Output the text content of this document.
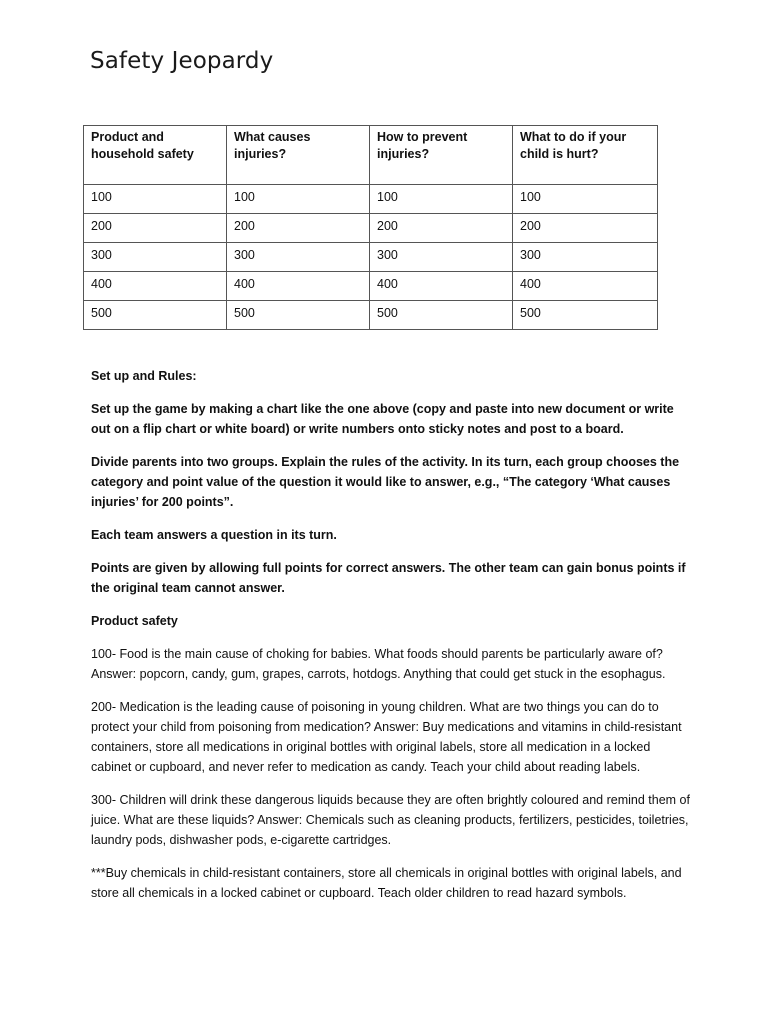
Safety Jeopardy
Product and household safety	What causes injuries?	How to prevent injuries?	What to do if your child is hurt?
100	100	100	100
200	200	200	200
300	300	300	300
400	400	400	400
500	500	500	500

Set up and Rules:

Set up the game by making a chart like the one above (copy and paste into new document or write out on a flip chart or white board) or write numbers onto sticky notes and post to a board.

Divide parents into two groups. Explain the rules of the activity. In its turn, each group chooses the category and point value of the question it would like to answer, e.g., “The category ‘What causes injuries’ for 200 points”.

Each team answers a question in its turn.

Points are given by allowing full points for correct answers. The other team can gain bonus points if the original team cannot answer.

Product safety

100- Food is the main cause of choking for babies. What foods should parents be particularly aware of? Answer: popcorn, candy, gum, grapes, carrots, hotdogs. Anything that could get stuck in the esophagus.

200- Medication is the leading cause of poisoning in young children. What are two things you can do to protect your child from poisoning from medication? Answer: Buy medications and vitamins in child-resistant containers, store all medications in original bottles with original labels, store all medication in a locked cabinet or cupboard, and never refer to medication as candy. Teach your child about reading labels.

300- Children will drink these dangerous liquids because they are often brightly coloured and remind them of juice. What are these liquids? Answer: Chemicals such as cleaning products, fertilizers, pesticides, toiletries, laundry pods, dishwasher pods, e-cigarette cartridges.

***Buy chemicals in child-resistant containers, store all chemicals in original bottles with original labels, and store all chemicals in a locked cabinet or cupboard. Teach older children to read hazard symbols.
